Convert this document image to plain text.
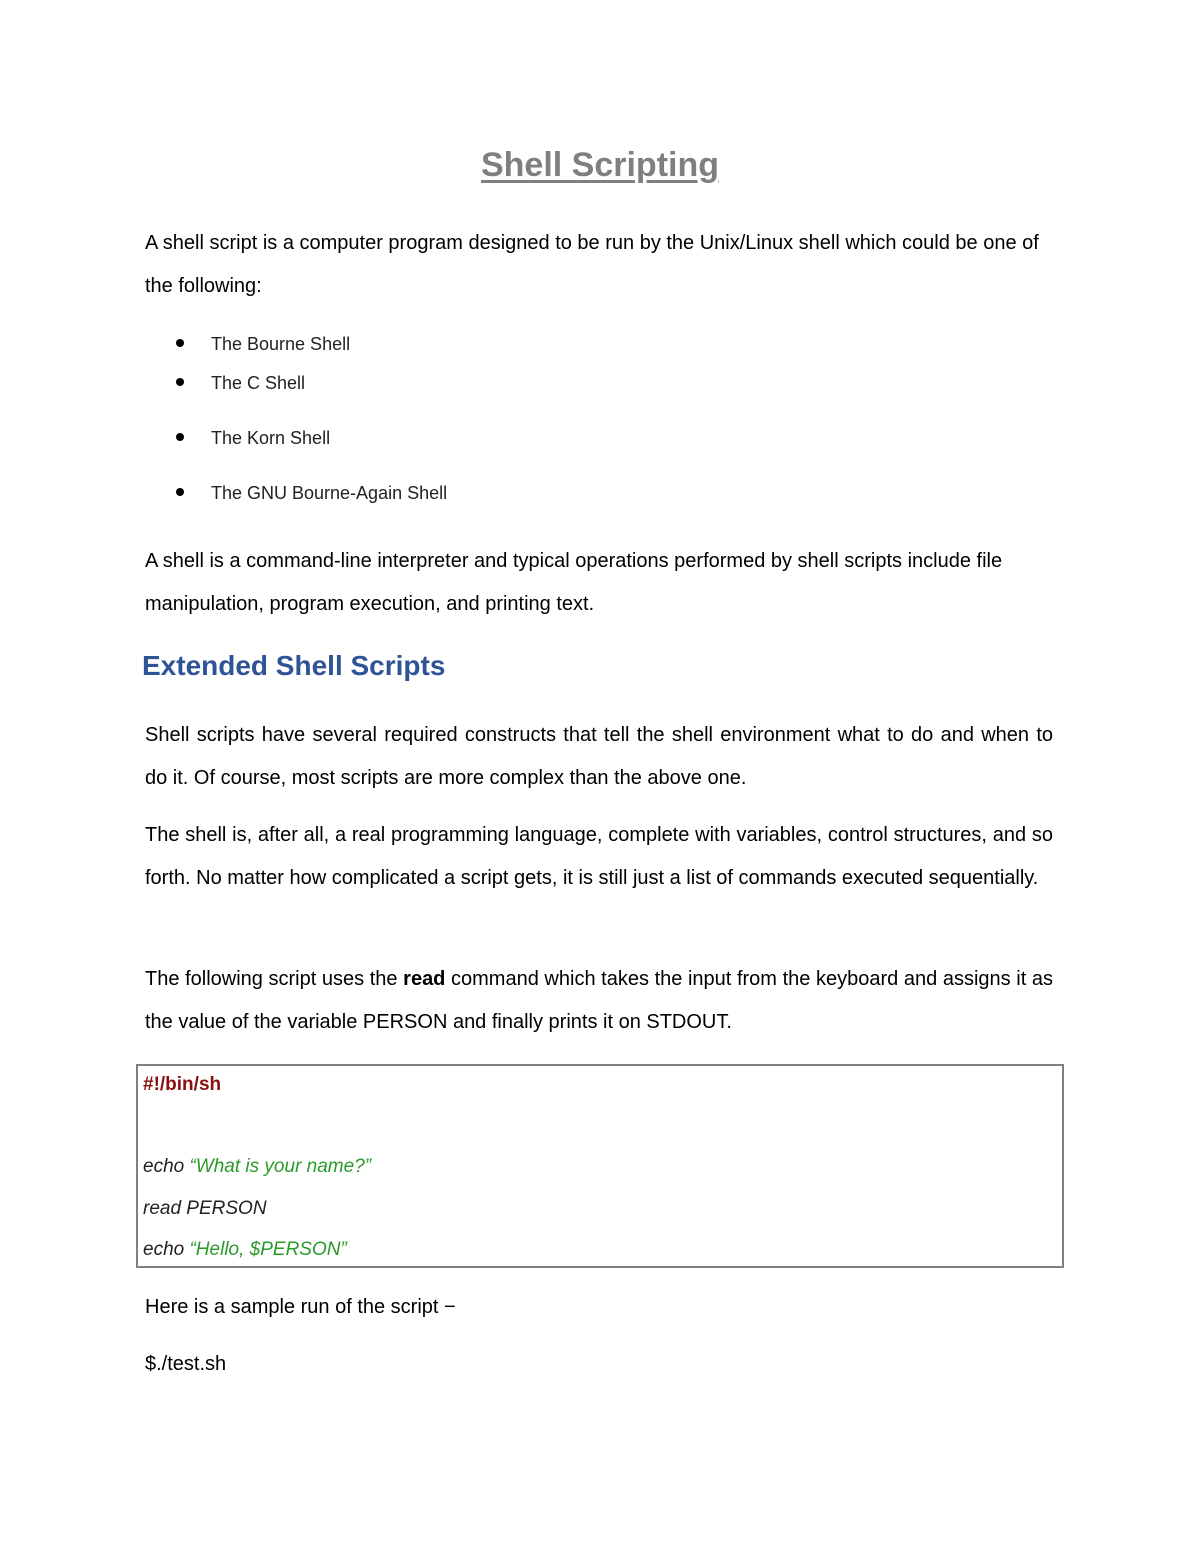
Shell Scripting

A shell script is a computer program designed to be run by the Unix/Linux shell which could be one of the following:

The Bourne Shell
The C Shell
The Korn Shell
The GNU Bourne-Again Shell

A shell is a command-line interpreter and typical operations performed by shell scripts include file manipulation, program execution, and printing text.

Extended Shell Scripts

Shell scripts have several required constructs that tell the shell environment what to do and when to do it. Of course, most scripts are more complex than the above one.

The shell is, after all, a real programming language, complete with variables, control structures, and so forth. No matter how complicated a script gets, it is still just a list of commands executed sequentially.

The following script uses the read command which takes the input from the keyboard and assigns it as the value of the variable PERSON and finally prints it on STDOUT.

#!/bin/sh
echo “What is your name?”
read PERSON
echo “Hello, $PERSON”

Here is a sample run of the script −

$./test.sh
